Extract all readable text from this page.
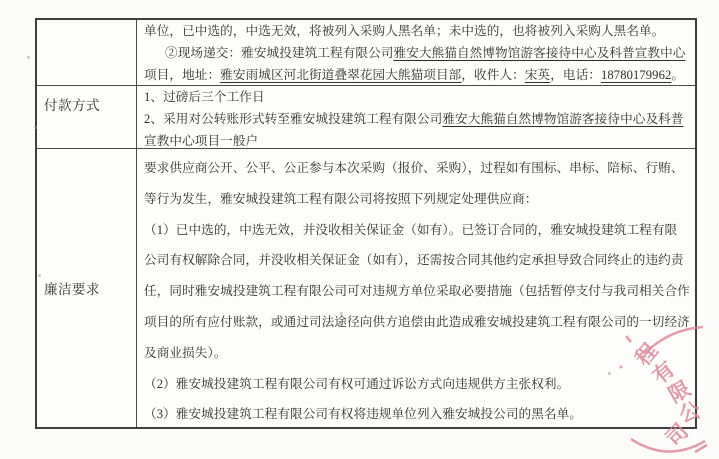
单位，已中选的，中选无效，将被列入采购人黑名单；未中选的，也将被列入采购人黑名单。
②现场递交：雅安城投建筑工程有限公司雅安大熊猫自然博物馆游客接待中心及科普宣教中心
项目，地址：雅安雨城区河北街道叠翠花园大熊猫项目部，收件人：宋英，电话：18780179962。
付款方式
1、过磅后三个工作日
2、采用对公转账形式转至雅安城投建筑工程有限公司雅安大熊猫自然博物馆游客接待中心及科普
宣教中心项目一般户
廉洁要求
要求供应商公开、公平、公正参与本次采购（报价、采购），过程如有围标、串标、陪标、行贿、
等行为发生，雅安城投建筑工程有限公司将按照下列规定处理供应商：
（1）已中选的，中选无效，并没收相关保证金（如有）。已签订合同的，雅安城投建筑工程有限
公司有权解除合同，并没收相关保证金（如有），还需按合同其他约定承担导致合同终止的违约责
任，同时雅安城投建筑工程有限公司可对违规方单位采取必要措施（包括暂停支付与我司相关合作
项目的所有应付账款，或通过司法途径向供方追偿由此造成雅安城投建筑工程有限公司的一切经济
及商业损失）。
（2）雅安城投建筑工程有限公司有权可通过诉讼方式向违规供方主张权利。
（3）雅安城投建筑工程有限公司有权将违规单位列入雅安城投公司的黑名单。
程
有
限
公
司
